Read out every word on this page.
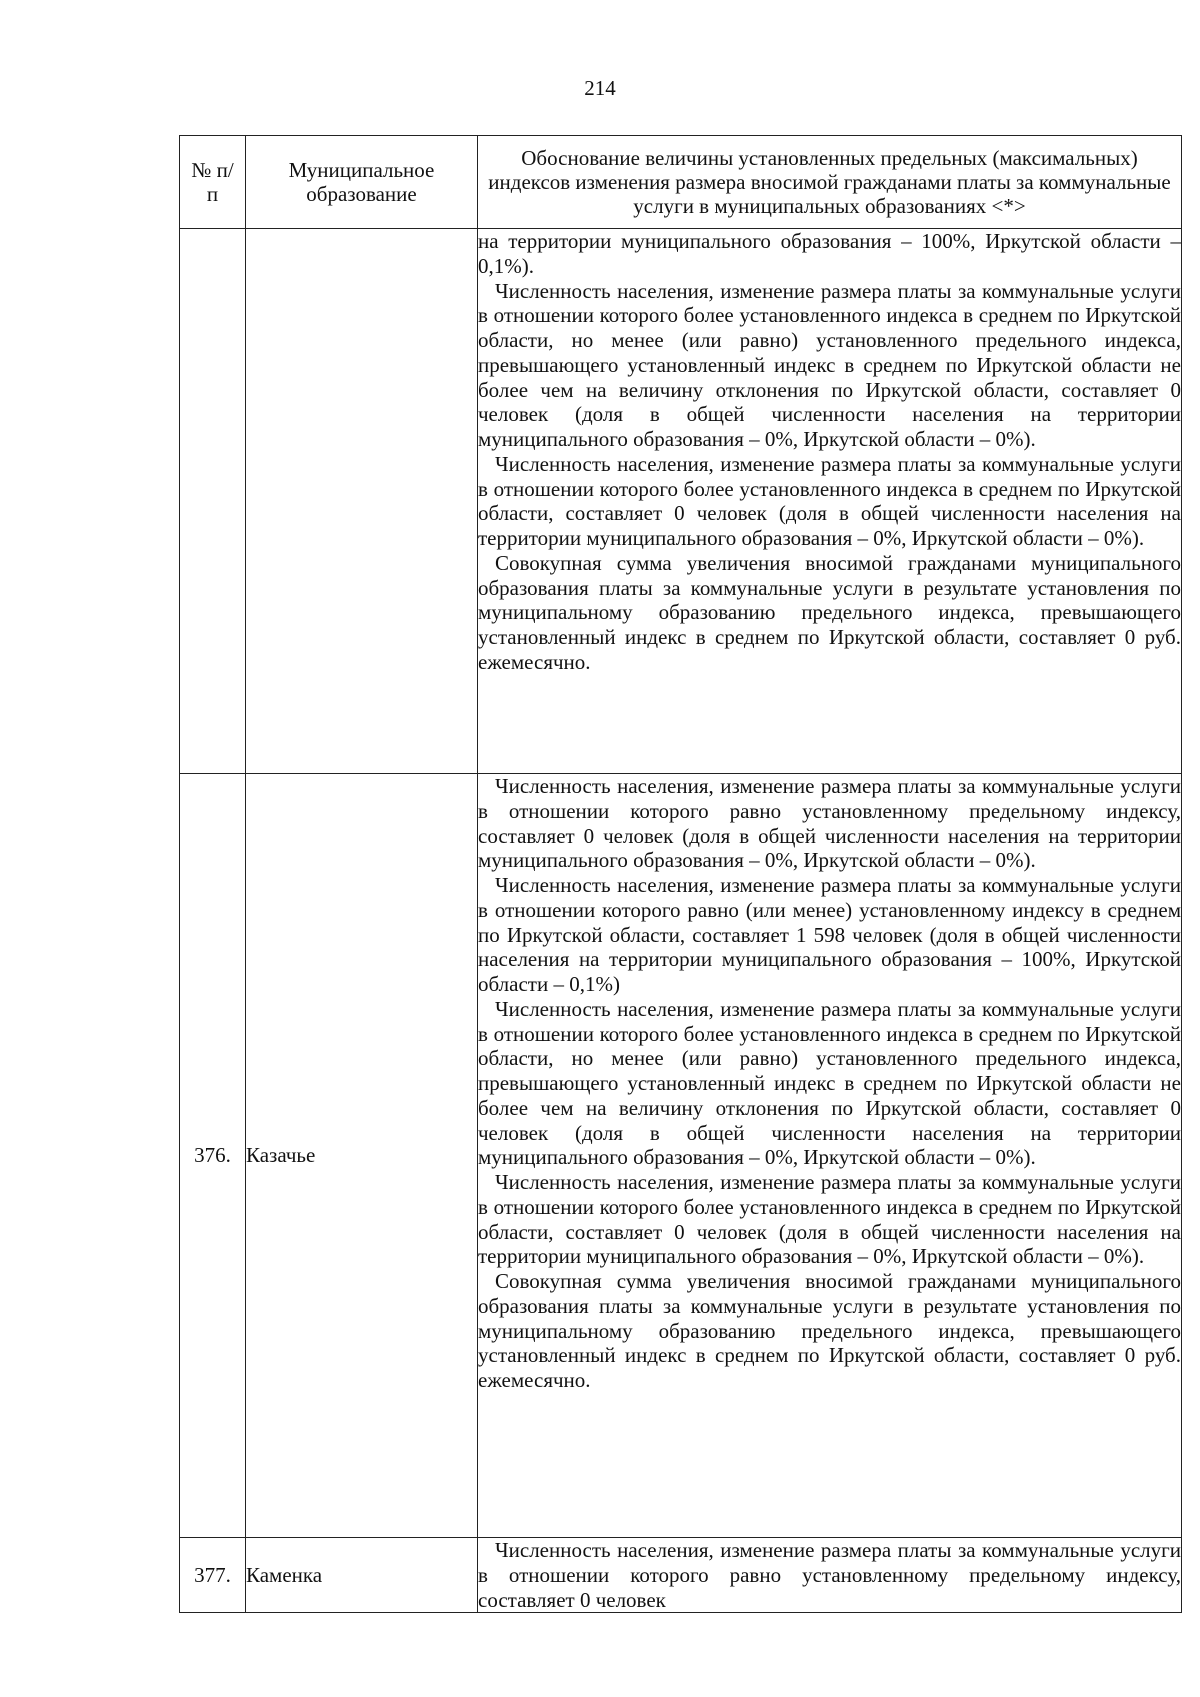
214
№ п/п	Муниципальное образование	Обоснование величины установленных предельных (максимальных) индексов изменения размера вносимой гражданами платы за коммунальные услуги в муниципальных образованиях <*>

		на территории муниципального образования – 100%, Иркутской области – 0,1%).
Численность населения, изменение размера платы за коммунальные услуги в отношении которого более установленного индекса в среднем по Иркутской области, но менее (или равно) установленного предельного индекса, превышающего установленный индекс в среднем по Иркутской области не более чем на величину отклонения по Иркутской области, составляет 0 человек (доля в общей численности населения на территории муниципального образования – 0%, Иркутской области – 0%).
Численность населения, изменение размера платы за коммунальные услуги в отношении которого более установленного индекса в среднем по Иркутской области, составляет 0 человек (доля в общей численности населения на территории муниципального образования – 0%, Иркутской области – 0%).
Совокупная сумма увеличения вносимой гражданами муниципального образования платы за коммунальные услуги в результате установления по муниципальному образованию предельного индекса, превышающего установленный индекс в среднем по Иркутской области, составляет 0 руб. ежемесячно.

376.	Казачье	Численность населения, изменение размера платы за коммунальные услуги в отношении которого равно установленному предельному индексу, составляет 0 человек (доля в общей численности населения на территории муниципального образования – 0%, Иркутской области – 0%).
Численность населения, изменение размера платы за коммунальные услуги в отношении которого равно (или менее) установленному индексу в среднем по Иркутской области, составляет 1 598 человек (доля в общей численности населения на территории муниципального образования – 100%, Иркутской области – 0,1%)
Численность населения, изменение размера платы за коммунальные услуги в отношении которого более установленного индекса в среднем по Иркутской области, но менее (или равно) установленного предельного индекса, превышающего установленный индекс в среднем по Иркутской области не более чем на величину отклонения по Иркутской области, составляет 0 человек (доля в общей численности населения на территории муниципального образования – 0%, Иркутской области – 0%).
Численность населения, изменение размера платы за коммунальные услуги в отношении которого более установленного индекса в среднем по Иркутской области, составляет 0 человек (доля в общей численности населения на территории муниципального образования – 0%, Иркутской области – 0%).
Совокупная сумма увеличения вносимой гражданами муниципального образования платы за коммунальные услуги в результате установления по муниципальному образованию предельного индекса, превышающего установленный индекс в среднем по Иркутской области, составляет 0 руб. ежемесячно.

377.	Каменка	Численность населения, изменение размера платы за коммунальные услуги в отношении которого равно установленному предельному индексу, составляет 0 человек
